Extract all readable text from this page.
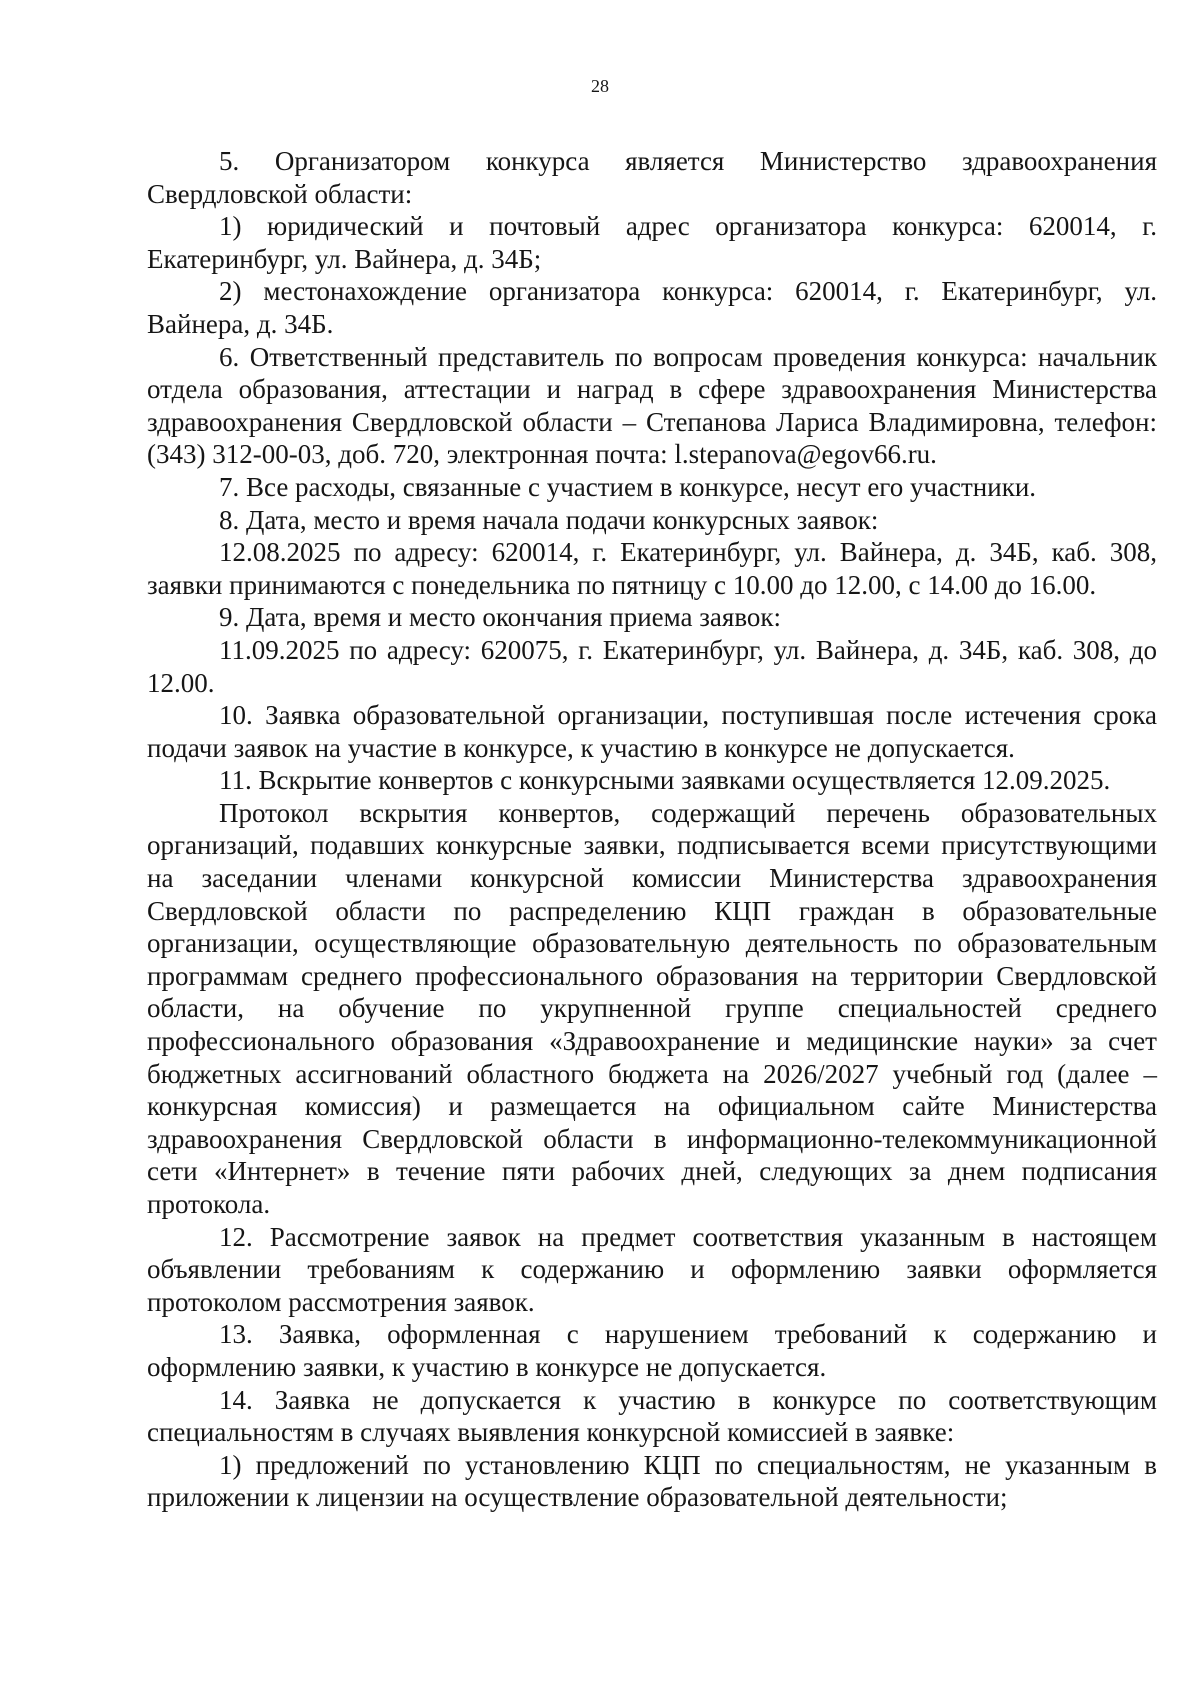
28

5. Организатором конкурса является Министерство здравоохранения Свердловской области:

1) юридический и почтовый адрес организатора конкурса: 620014, г. Екатеринбург, ул. Вайнера, д. 34Б;

2) местонахождение организатора конкурса: 620014, г. Екатеринбург, ул. Вайнера, д. 34Б.

6. Ответственный представитель по вопросам проведения конкурса: начальник отдела образования, аттестации и наград в сфере здравоохранения Министерства здравоохранения Свердловской области – Степанова Лариса Владимировна, телефон: (343) 312-00-03, доб. 720, электронная почта: l.stepanova@egov66.ru.

7. Все расходы, связанные с участием в конкурсе, несут его участники.

8. Дата, место и время начала подачи конкурсных заявок:

12.08.2025 по адресу: 620014, г. Екатеринбург, ул. Вайнера, д. 34Б, каб. 308, заявки принимаются с понедельника по пятницу с 10.00 до 12.00, с 14.00 до 16.00.

9. Дата, время и место окончания приема заявок:

11.09.2025 по адресу: 620075, г. Екатеринбург, ул. Вайнера, д. 34Б, каб. 308, до 12.00.

10. Заявка образовательной организации, поступившая после истечения срока подачи заявок на участие в конкурсе, к участию в конкурсе не допускается.

11. Вскрытие конвертов с конкурсными заявками осуществляется 12.09.2025.

Протокол вскрытия конвертов, содержащий перечень образовательных организаций, подавших конкурсные заявки, подписывается всеми присутствующими на заседании членами конкурсной комиссии Министерства здравоохранения Свердловской области по распределению КЦП граждан в образовательные организации, осуществляющие образовательную деятельность по образовательным программам среднего профессионального образования на территории Свердловской области, на обучение по укрупненной группе специальностей среднего профессионального образования «Здравоохранение и медицинские науки» за счет бюджетных ассигнований областного бюджета на 2026/2027 учебный год (далее – конкурсная комиссия) и размещается на официальном сайте Министерства здравоохранения Свердловской области в информационно-телекоммуникационной сети «Интернет» в течение пяти рабочих дней, следующих за днем подписания протокола.

12. Рассмотрение заявок на предмет соответствия указанным в настоящем объявлении требованиям к содержанию и оформлению заявки оформляется протоколом рассмотрения заявок.

13. Заявка, оформленная с нарушением требований к содержанию и оформлению заявки, к участию в конкурсе не допускается.

14. Заявка не допускается к участию в конкурсе по соответствующим специальностям в случаях выявления конкурсной комиссией в заявке:

1) предложений по установлению КЦП по специальностям, не указанным в приложении к лицензии на осуществление образовательной деятельности;
